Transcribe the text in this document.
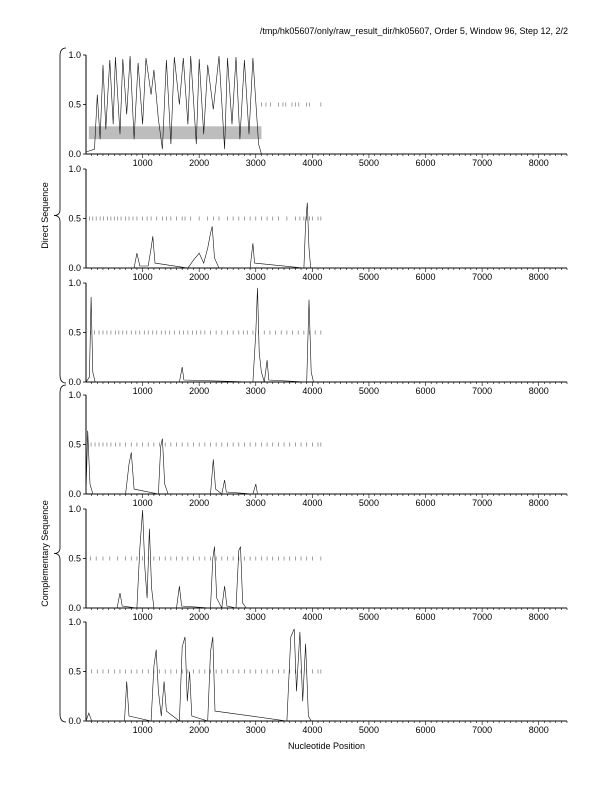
/tmp/hk05607/only/raw_result_dir/hk05607, Order 5, Window 96, Step 12, 2/2
0.0
0.5
1.0
1000	2000	3000	4000	5000	6000	7000	8000
0.0
0.5
1.0
1000	2000	3000	4000	5000	6000	7000	8000
0.0
0.5
1.0
1000	2000	3000	4000	5000	6000	7000	8000
0.0
0.5
1.0
1000	2000	3000	4000	5000	6000	7000	8000
0.0
0.5
1.0
1000	2000	3000	4000	5000	6000	7000	8000
0.0
0.5
1.0
1000	2000	3000	4000	5000	6000	7000	8000
Direct Sequence
Complementary Sequence
Nucleotide Position
